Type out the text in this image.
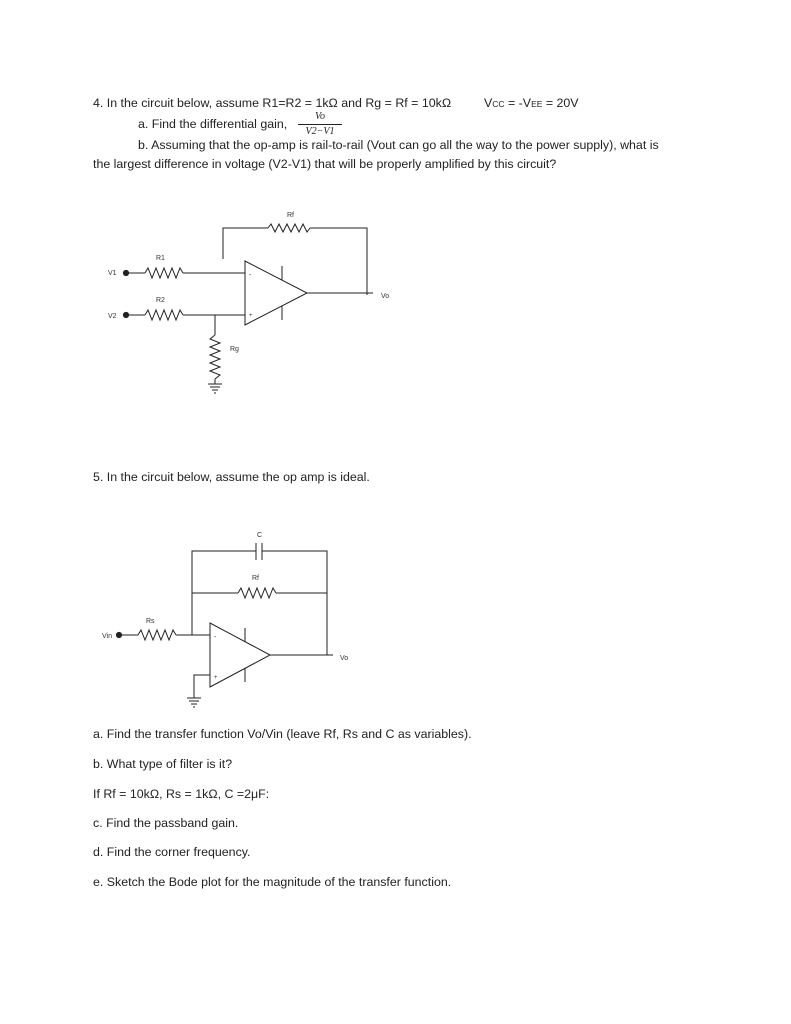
4. In the circuit below, assume R1=R2 = 1kΩ and Rg = Rf = 10kΩ	VCC = -VEE = 20V
a. Find the differential gain,
Vo
V2−V1
b. Assuming that the op-amp is rail-to-rail (Vout can go all the way to the power supply), what is
the largest difference in voltage (V2-V1) that will be properly amplified by this circuit?
Rf
V1
R1
V2
R2
Rg
-
+
Vo
5. In the circuit below, assume the op amp is ideal.
C
Rf
Vin
Rs
-
+
Vo
a. Find the transfer function Vo/Vin (leave Rf, Rs and C as variables).
b. What type of filter is it?
If Rf = 10kΩ, Rs = 1kΩ, C =2μF:
c. Find the passband gain.
d. Find the corner frequency.
e. Sketch the Bode plot for the magnitude of the transfer function.
